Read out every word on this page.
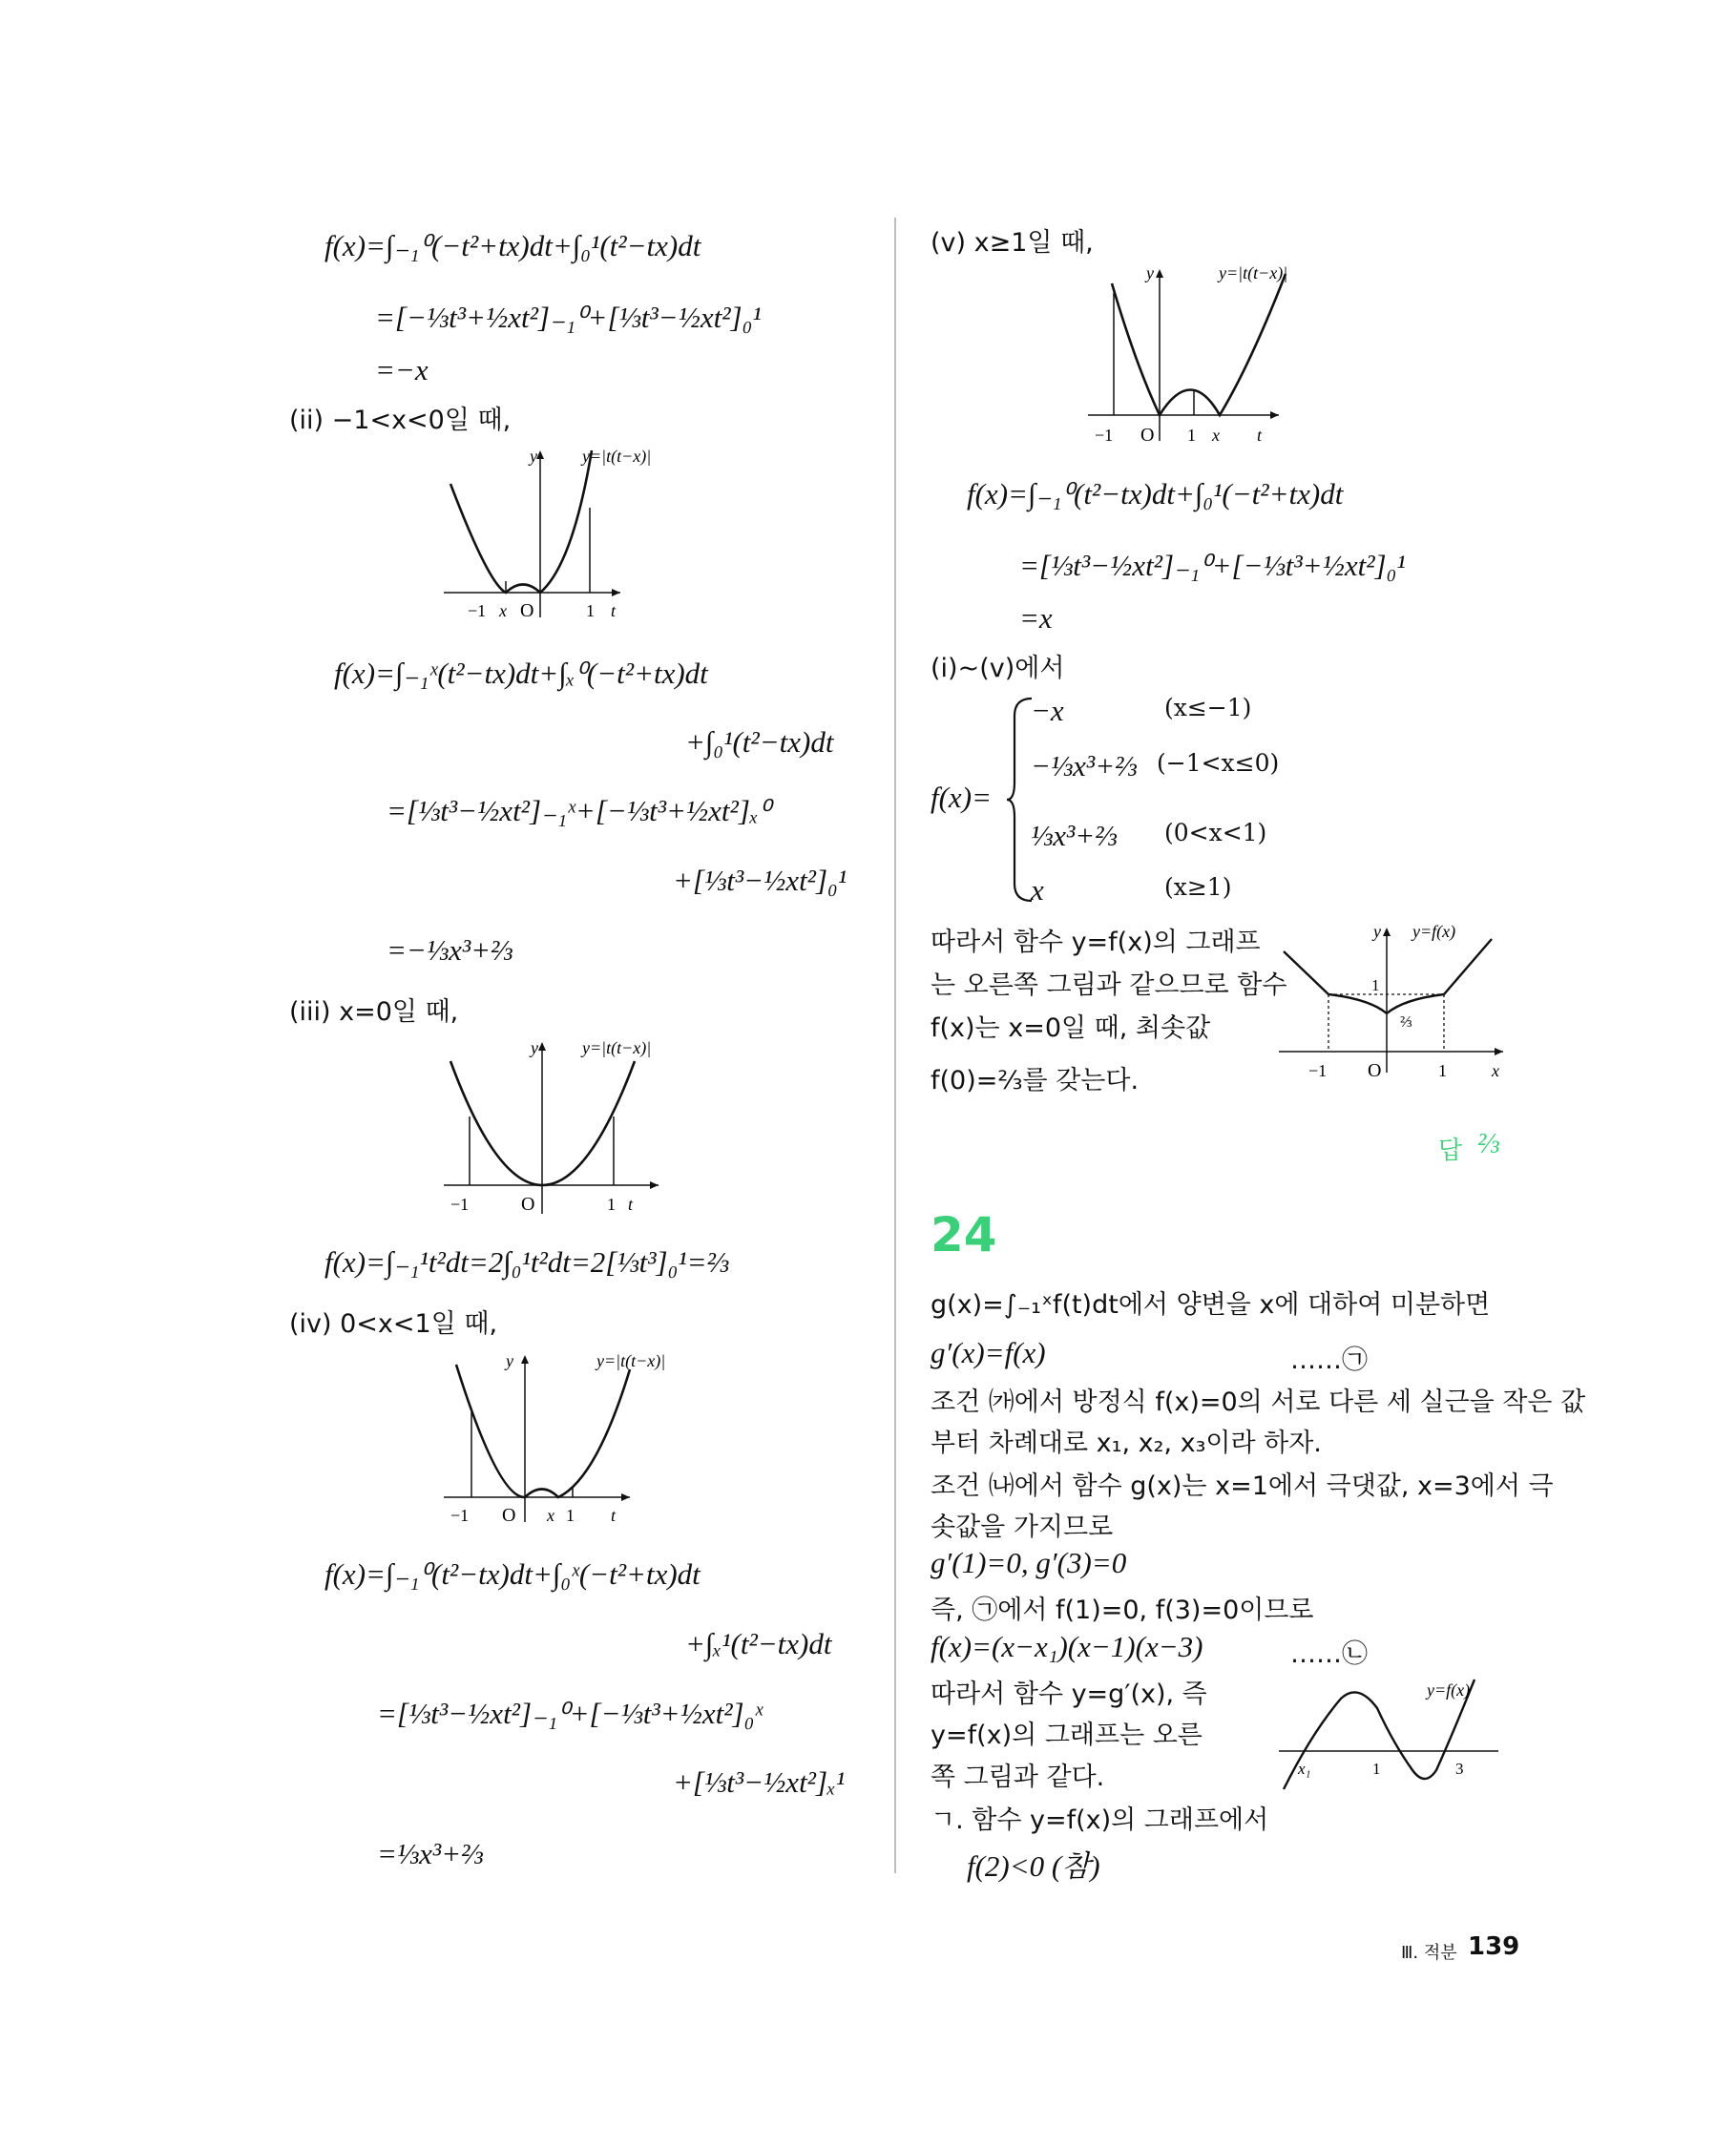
f(x)=∫₋₁⁰(−t²+tx)dt+∫₀¹(t²−tx)dt
=[−⅓t³+½xt²]₋₁⁰+[⅓t³−½xt²]₀¹
=−x
(ii) −1<x<0일 때,
y	y=|t(t−x)|
−1 x O	1 t
f(x)=∫₋₁ˣ(t²−tx)dt+∫ₓ⁰(−t²+tx)dt
+∫₀¹(t²−tx)dt
=[⅓t³−½xt²]₋₁ˣ+[−⅓t³+½xt²]ₓ⁰
+[⅓t³−½xt²]₀¹
=−⅓x³+⅔
(iii) x=0일 때,
y	y=|t(t−x)|
−1	O	1 t
f(x)=∫₋₁¹t²dt=2∫₀¹t²dt=2[⅓t³]₀¹=⅔
(iv) 0<x<1일 때,
y	y=|t(t−x)|
−1 O x 1 t
f(x)=∫₋₁⁰(t²−tx)dt+∫₀ˣ(−t²+tx)dt
+∫ₓ¹(t²−tx)dt
=[⅓t³−½xt²]₋₁⁰+[−⅓t³+½xt²]₀ˣ
+[⅓t³−½xt²]ₓ¹
=⅓x³+⅔
(v) x≥1일 때,
y	y=|t(t−x)|
−1 O 1 x t
f(x)=∫₋₁⁰(t²−tx)dt+∫₀¹(−t²+tx)dt
=[⅓t³−½xt²]₋₁⁰+[−⅓t³+½xt²]₀¹
=x
(i)~(v)에서
f(x)=
−x	(x≤−1)
−⅓x³+⅔ (−1<x≤0)
⅓x³+⅔ (0<x<1)
x	(x≥1)
따라서 함수 y=f(x)의 그래프
는 오른쪽 그림과 같으므로 함수
f(x)는 x=0일 때, 최솟값
f(0)=⅔를 갖는다.
y y=f(x)
1
⅔
−1 O	1	x
답 ⅔
24
g(x)=∫₋₁ˣf(t)dt에서 양변을 x에 대하여 미분하면
g′(x)=f(x)	……㉠
조건 ㈎에서 방정식 f(x)=0의 서로 다른 세 실근을 작은 값
부터 차례대로 x₁, x₂, x₃이라 하자.
조건 ㈏에서 함수 g(x)는 x=1에서 극댓값, x=3에서 극
솟값을 가지므로
g′(1)=0, g′(3)=0
즉, ㉠에서 f(1)=0, f(3)=0이므로
f(x)=(x−x₁)(x−1)(x−3)	……㉡
따라서 함수 y=g′(x), 즉
y=f(x)의 그래프는 오른
쪽 그림과 같다.
ㄱ. 함수 y=f(x)의 그래프에서
f(2)<0 (참)
y=f(x)
x₁	1	3
Ⅲ. 적분 139
